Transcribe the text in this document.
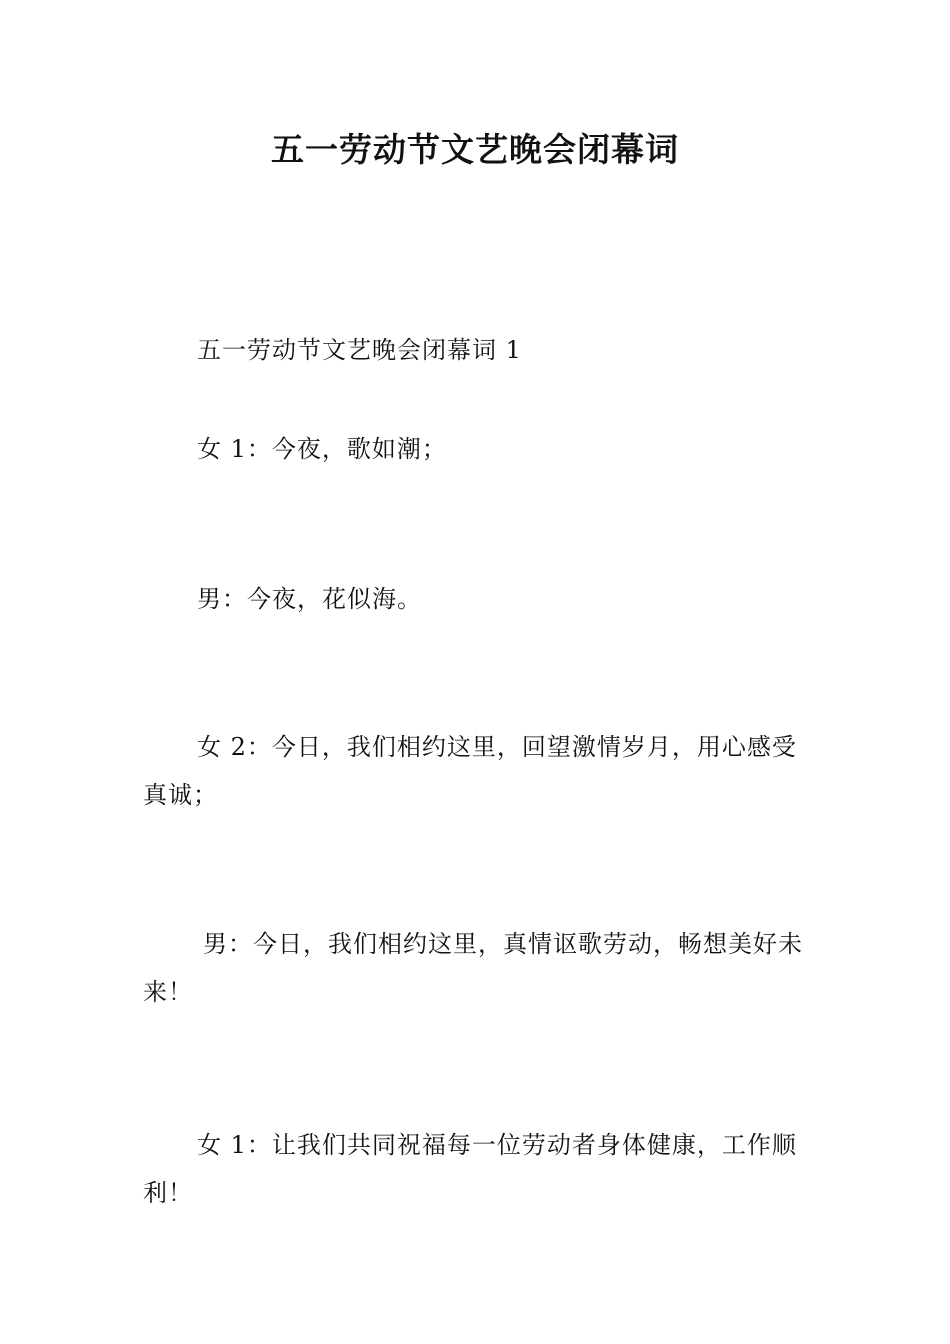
五一劳动节文艺晚会闭幕词

五一劳动节文艺晚会闭幕词 1

女 1：今夜，歌如潮；

男：今夜，花似海。

女 2：今日，我们相约这里，回望激情岁月，用心感受真诚；

男：今日，我们相约这里，真情讴歌劳动，畅想美好未来！

女 1：让我们共同祝福每一位劳动者身体健康，工作顺利！
